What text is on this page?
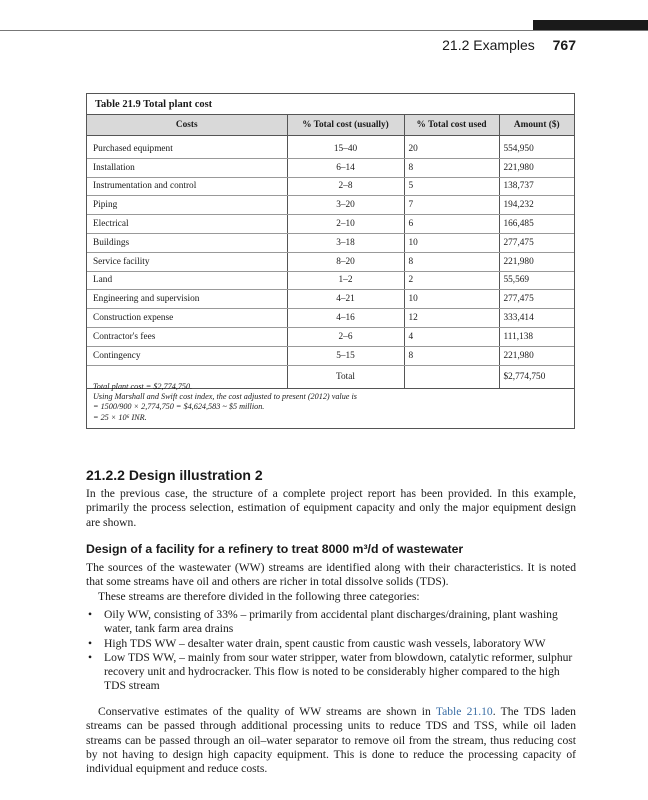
21.2 Examples 767
Table 21.9 Total plant cost
Costs	% Total cost (usually)	% Total cost used	Amount ($)

Purchased equipment	15–40	20	554,950
Installation	6–14	8	221,980
Instrumentation and control	2–8	5	138,737
Piping	3–20	7	194,232
Electrical	2–10	6	166,485
Buildings	3–18	10	277,475
Service facility	8–20	8	221,980
Land	1–2	2	55,569
Engineering and supervision	4–21	10	277,475
Construction expense	4–16	12	333,414
Contractor's fees	2–6	4	111,138
Contingency	5–15	8	221,980
	Total		$2,774,750
Total plant cost = $2,774,750.
Using Marshall and Swift cost index, the cost adjusted to present (2012) value is
= 1500/900 × 2,774,750 = $4,624,583 ~ $5 million.
= 25 × 10⁶ INR.
21.2.2 Design illustration 2

In the previous case, the structure of a complete project report has been provided. In this example, primarily the process selection, estimation of equipment capacity and only the major equipment design are shown.

Design of a facility for a refinery to treat 8000 m³/d of wastewater

The sources of the wastewater (WW) streams are identified along with their characteristics. It is noted that some streams have oil and others are richer in total dissolve solids (TDS).

These streams are therefore divided in the following three categories:

• Oily WW, consisting of 33% – primarily from accidental plant discharges/draining, plant washing water, tank farm area drains
• High TDS WW – desalter water drain, spent caustic from caustic wash vessels, laboratory WW
• Low TDS WW, – mainly from sour water stripper, water from blowdown, catalytic reformer, sulphur recovery unit and hydrocracker. This flow is noted to be considerably higher compared to the high TDS stream

Conservative estimates of the quality of WW streams are shown in Table 21.10. The TDS laden streams can be passed through additional processing units to reduce TDS and TSS, while oil laden streams can be passed through an oil–water separator to remove oil from the stream, thus reducing cost by not having to design high capacity equipment. This is done to reduce the processing capacity of individual equipment and reduce costs.
